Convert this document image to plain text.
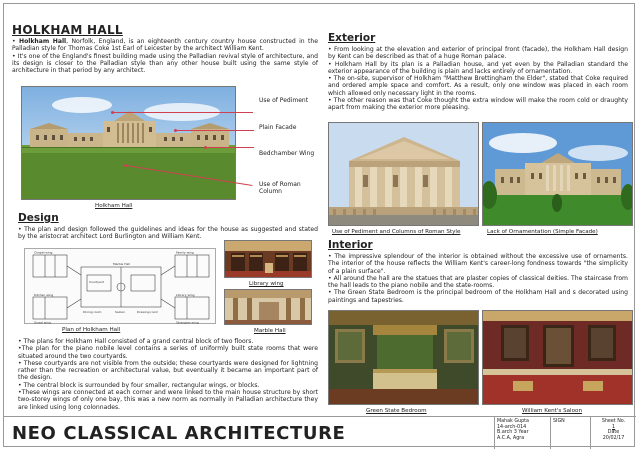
HOLKHAM HALL

• Holkham Hall, Norfolk, England, is an eighteenth century country house constructed in the Palladian style for Thomas Coke 1st Earl of Leicester by the architect William Kent.

• It's one of the England's finest building made using the Palladian revival style of architecture, and its design is closer to the Palladian style than any other house built using the same style of architecture in that period by any architect.

Holkham Hall
Use of Pediment
Plain Facade
Bedchamber Wing
Use of Roman Column
Design
• The plan and design followed the guidelines and ideas for the house as suggested and stated by the aristocrat architect Lord Burlington and William Kent.
Chapel wing	Family wing
Library wing
Kitchen wing
Guest wing	Strangers wing
Marble Hall
Saloon
Dining room	Drawing room
Courtyard
Plan of Holkham Hall
Library wing
Marble Hall

• The plans for Holkham Hall consisted of a grand central block of two floors.

•The plan for the piano nobile level contains a series of uniformly built state rooms that were situated around the two courtyards.

• These courtyards are not visible from the outside; these courtyards were designed for lightning rather than the recreation or architectural value, but eventually it became an important part of the design.

• The central block is surrounded by four smaller, rectangular wings, or blocks.

•These wings are connected at each corner and were linked to the main house structure by short two-storey wings of only one bay, this was a new norm as normally in Palladian architecture they are linked using long colonnades.

Exterior

• From looking at the elevation and exterior of principal front (facade), the Holkham Hall design by Kent can be described as that of a huge Roman palace.

• Holkham Hall by its plan is a Palladian house, and yet even by the Palladian standard the exterior appearance of the building is plain and lacks entirely of ornamentation.

• The on-site, supervisor of Holkham "Matthew Brettingham the Elder", stated that Coke required and ordered ample space and comfort. As a result, only one window was placed in each room which allowed only necessary light in the rooms.

• The other reason was that Coke thought the extra window will make the room cold or draughty apart from making the exterior more pleasing.

Use of Pediment and Columns of Roman Style	Lack of Ornamentation (Simple Facade)
Interior

• The impressive splendour of the interior is obtained without the excessive use of ornaments. The interior of the house reflects the William Kent's career-long fondness towards "the simplicity of a plain surface".

• All around the hall are the statues that are plaster copies of classical deities. The staircase from the hall leads to the piano nobile and the state-rooms.

• The Green State Bedroom is the principal bedroom of the Holkham Hall and s decorated using paintings and tapestries.

Green State Bedroom	William Kent's Saloon
NEO CLASSICAL ARCHITECTURE
Mahak Gupta
14-arch-014
B.arch 3 Year
A.C.A, Agra
SIGN	Sheet No.
1
Date
20/02/17
